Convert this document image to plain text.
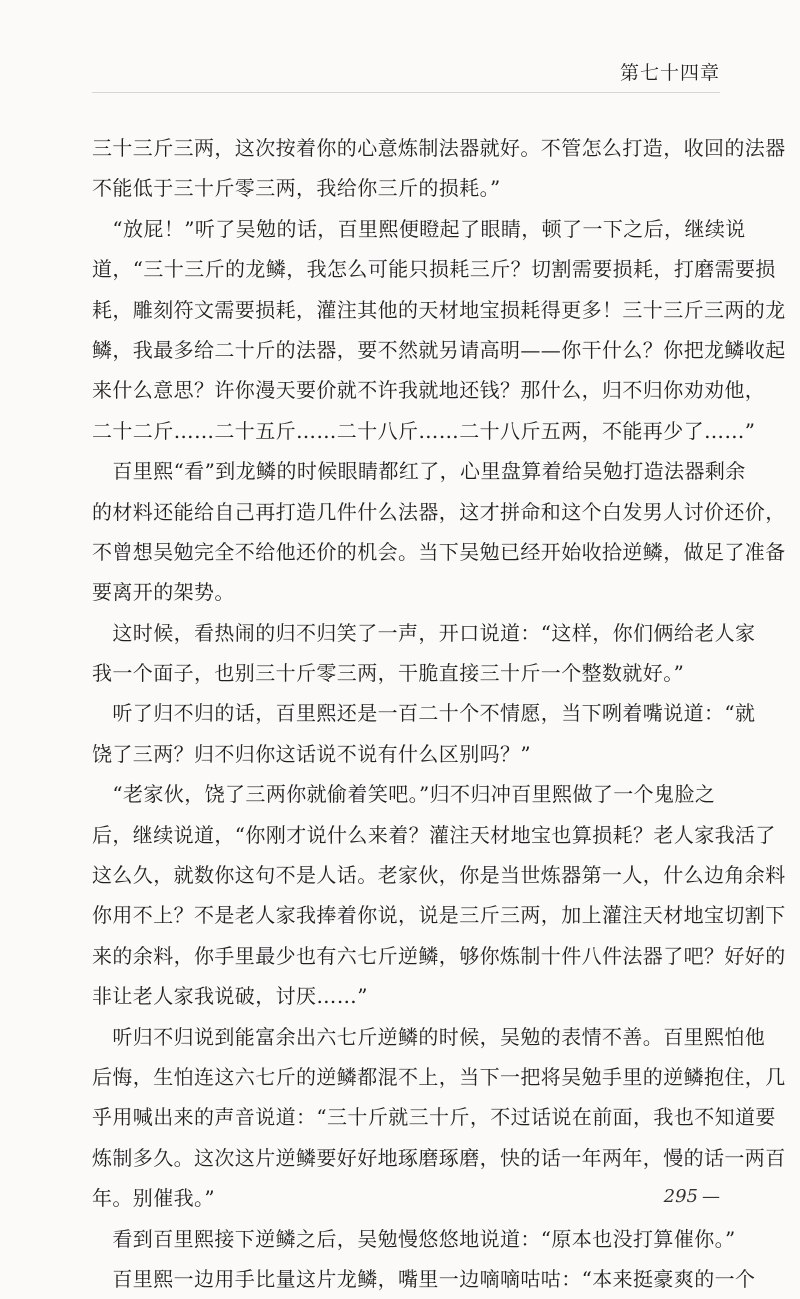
第七十四章
三十三斤三两，这次按着你的心意炼制法器就好。不管怎么打造，收回的法器
不能低于三十斤零三两，我给你三斤的损耗。”
　“放屁！”听了吴勉的话，百里熙便瞪起了眼睛，顿了一下之后，继续说
道，“三十三斤的龙鳞，我怎么可能只损耗三斤？切割需要损耗，打磨需要损
耗，雕刻符文需要损耗，灌注其他的天材地宝损耗得更多！三十三斤三两的龙
鳞，我最多给二十斤的法器，要不然就另请高明——你干什么？你把龙鳞收起
来什么意思？许你漫天要价就不许我就地还钱？那什么，归不归你劝劝他，
二十二斤……二十五斤……二十八斤……二十八斤五两，不能再少了……”
　百里熙“看”到龙鳞的时候眼睛都红了，心里盘算着给吴勉打造法器剩余
的材料还能给自己再打造几件什么法器，这才拼命和这个白发男人讨价还价，
不曾想吴勉完全不给他还价的机会。当下吴勉已经开始收拾逆鳞，做足了准备
要离开的架势。
　这时候，看热闹的归不归笑了一声，开口说道：“这样，你们俩给老人家
我一个面子，也别三十斤零三两，干脆直接三十斤一个整数就好。”
　听了归不归的话，百里熙还是一百二十个不情愿，当下咧着嘴说道：“就
饶了三两？归不归你这话说不说有什么区别吗？”
　“老家伙，饶了三两你就偷着笑吧。”归不归冲百里熙做了一个鬼脸之
后，继续说道，“你刚才说什么来着？灌注天材地宝也算损耗？老人家我活了
这么久，就数你这句不是人话。老家伙，你是当世炼器第一人，什么边角余料
你用不上？不是老人家我捧着你说，说是三斤三两，加上灌注天材地宝切割下
来的余料，你手里最少也有六七斤逆鳞，够你炼制十件八件法器了吧？好好的
非让老人家我说破，讨厌……”
　听归不归说到能富余出六七斤逆鳞的时候，吴勉的表情不善。百里熙怕他
后悔，生怕连这六七斤的逆鳞都混不上，当下一把将吴勉手里的逆鳞抱住，几
乎用喊出来的声音说道：“三十斤就三十斤，不过话说在前面，我也不知道要
炼制多久。这次这片逆鳞要好好地琢磨琢磨，快的话一年两年，慢的话一两百
年。别催我。”
　看到百里熙接下逆鳞之后，吴勉慢悠悠地说道：“原本也没打算催你。”
　百里熙一边用手比量这片龙鳞，嘴里一边嘀嘀咕咕：“本来挺豪爽的一个
295 —
